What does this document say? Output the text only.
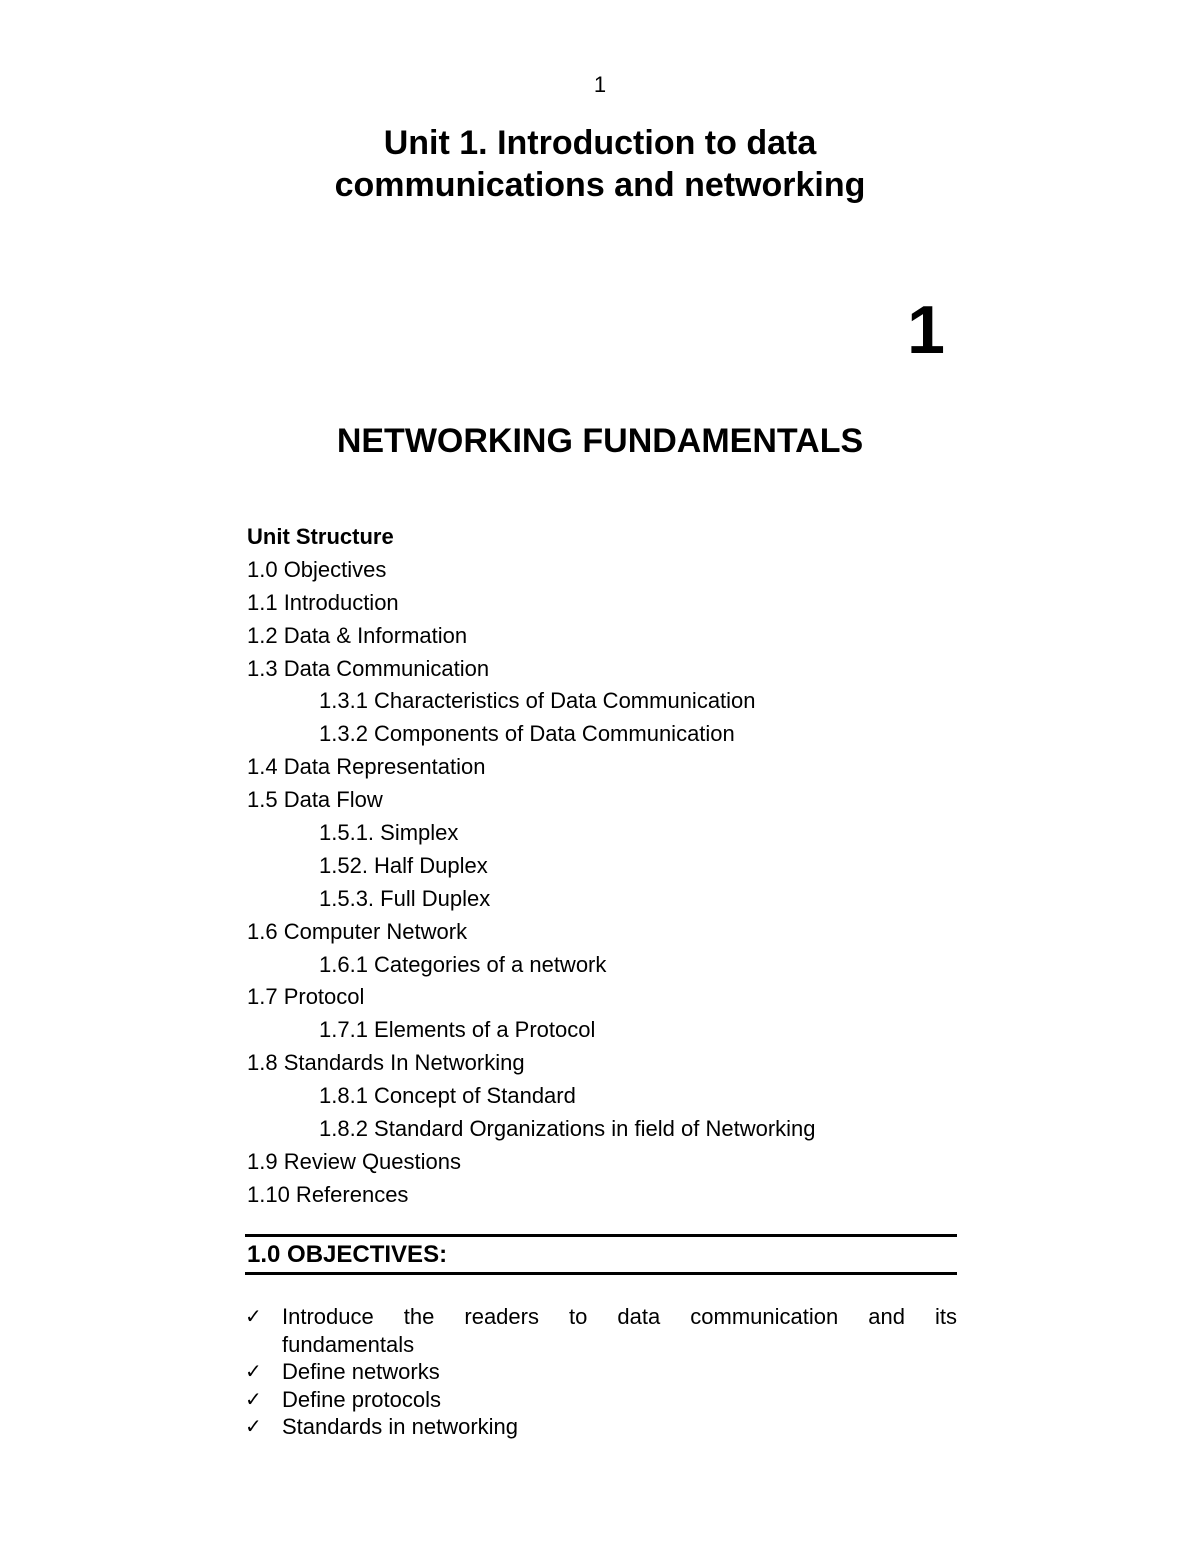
1
Unit 1. Introduction to data
communications and networking
1
NETWORKING FUNDAMENTALS
Unit Structure
1.0 Objectives
1.1 Introduction
1.2 Data & Information
1.3 Data Communication
1.3.1 Characteristics of Data Communication
1.3.2 Components of Data Communication
1.4 Data Representation
1.5 Data Flow
1.5.1. Simplex
1.52. Half Duplex
1.5.3. Full Duplex
1.6 Computer Network
1.6.1 Categories of a network
1.7 Protocol
1.7.1 Elements of a Protocol
1.8 Standards In Networking
1.8.1 Concept of Standard
1.8.2 Standard Organizations in field of Networking
1.9 Review Questions
1.10 References
1.0 OBJECTIVES:
✓ Introduce the readers to data communication and its
fundamentals
✓ Define networks
✓ Define protocols
✓ Standards in networking
